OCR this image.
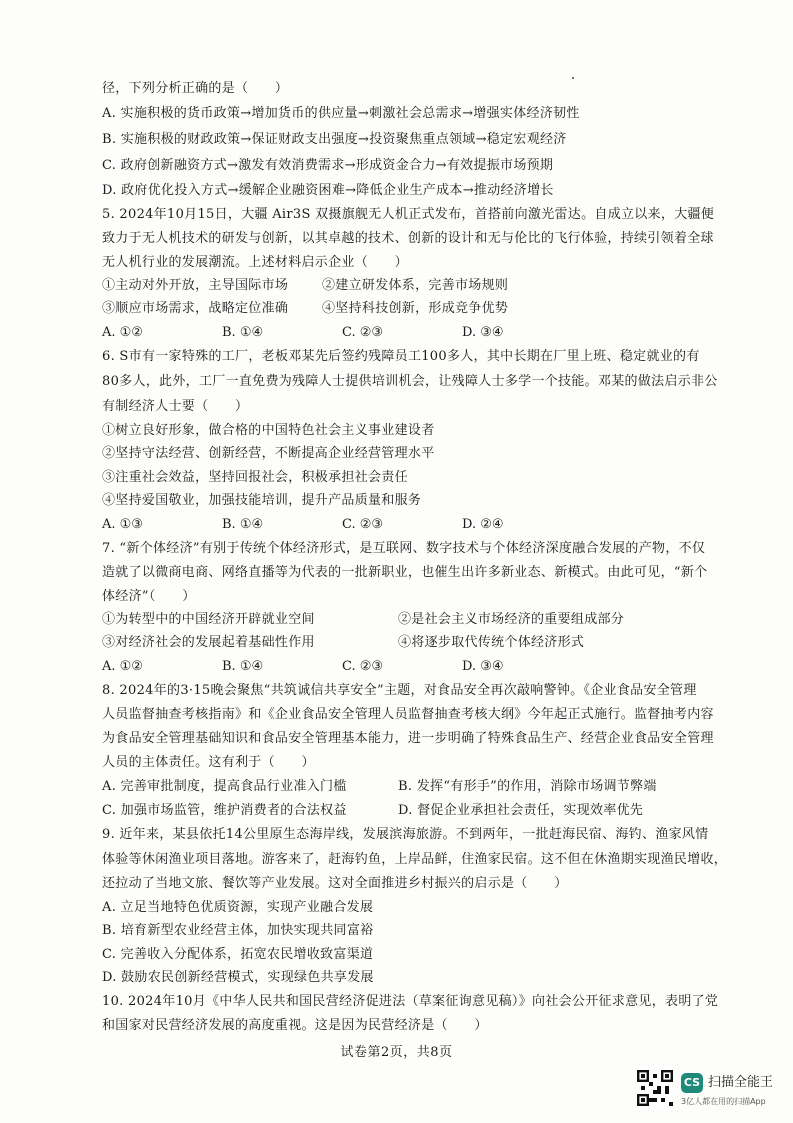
径，下列分析正确的是（　　）
A. 实施积极的货币政策→增加货币的供应量→刺激社会总需求→增强实体经济韧性
B. 实施积极的财政政策→保证财政支出强度→投资聚焦重点领域→稳定宏观经济
C. 政府创新融资方式→激发有效消费需求→形成资金合力→有效提振市场预期
D. 政府优化投入方式→缓解企业融资困难→降低企业生产成本→推动经济增长
5. 2024年10月15日，大疆 Air3S 双摄旗舰无人机正式发布，首搭前向激光雷达。自成立以来，大疆便
致力于无人机技术的研发与创新，以其卓越的技术、创新的设计和无与伦比的飞行体验，持续引领着全球
无人机行业的发展潮流。上述材料启示企业（　　）
①主动对外开放，主导国际市场	②建立研发体系，完善市场规则
③顺应市场需求，战略定位准确	④坚持科技创新，形成竞争优势
A. ①②	B. ①④	C. ②③	D. ③④
6. S市有一家特殊的工厂，老板邓某先后签约残障员工100多人，其中长期在厂里上班、稳定就业的有
80多人，此外，工厂一直免费为残障人士提供培训机会，让残障人士多学一个技能。邓某的做法启示非公
有制经济人士要（　　）
①树立良好形象，做合格的中国特色社会主义事业建设者
②坚持守法经营、创新经营，不断提高企业经营管理水平
③注重社会效益，坚持回报社会，积极承担社会责任
④坚持爱国敬业，加强技能培训，提升产品质量和服务
A. ①③	B. ①④	C. ②③	D. ②④
7. “新个体经济”有别于传统个体经济形式，是互联网、数字技术与个体经济深度融合发展的产物，不仅
造就了以微商电商、网络直播等为代表的一批新职业，也催生出许多新业态、新模式。由此可见，“新个
体经济”（　　）
①为转型中的中国经济开辟就业空间	②是社会主义市场经济的重要组成部分
③对经济社会的发展起着基础性作用	④将逐步取代传统个体经济形式
A. ①②	B. ①④	C. ②③	D. ③④
8. 2024年的3·15晚会聚焦“共筑诚信共享安全”主题，对食品安全再次敲响警钟。《企业食品安全管理
人员监督抽查考核指南》和《企业食品安全管理人员监督抽查考核大纲》今年起正式施行。监督抽考内容
为食品安全管理基础知识和食品安全管理基本能力，进一步明确了特殊食品生产、经营企业食品安全管理
人员的主体责任。这有利于（　　）
A. 完善审批制度，提高食品行业准入门槛	B. 发挥“有形手”的作用，消除市场调节弊端
C. 加强市场监管，维护消费者的合法权益	D. 督促企业承担社会责任，实现效率优先
9. 近年来，某县依托14公里原生态海岸线，发展滨海旅游。不到两年，一批赶海民宿、海钓、渔家风情
体验等休闲渔业项目落地。游客来了，赶海钓鱼，上岸品鲜，住渔家民宿。这不但在休渔期实现渔民增收，
还拉动了当地文旅、餐饮等产业发展。这对全面推进乡村振兴的启示是（　　）
A. 立足当地特色优质资源，实现产业融合发展
B. 培育新型农业经营主体，加快实现共同富裕
C. 完善收入分配体系，拓宽农民增收致富渠道
D. 鼓励农民创新经营模式，实现绿色共享发展
10. 2024年10月《中华人民共和国民营经济促进法（草案征询意见稿）》向社会公开征求意见，表明了党
和国家对民营经济发展的高度重视。这是因为民营经济是（　　）
试卷第2页，共8页
CS 扫描全能王
3亿人都在用的扫描App
